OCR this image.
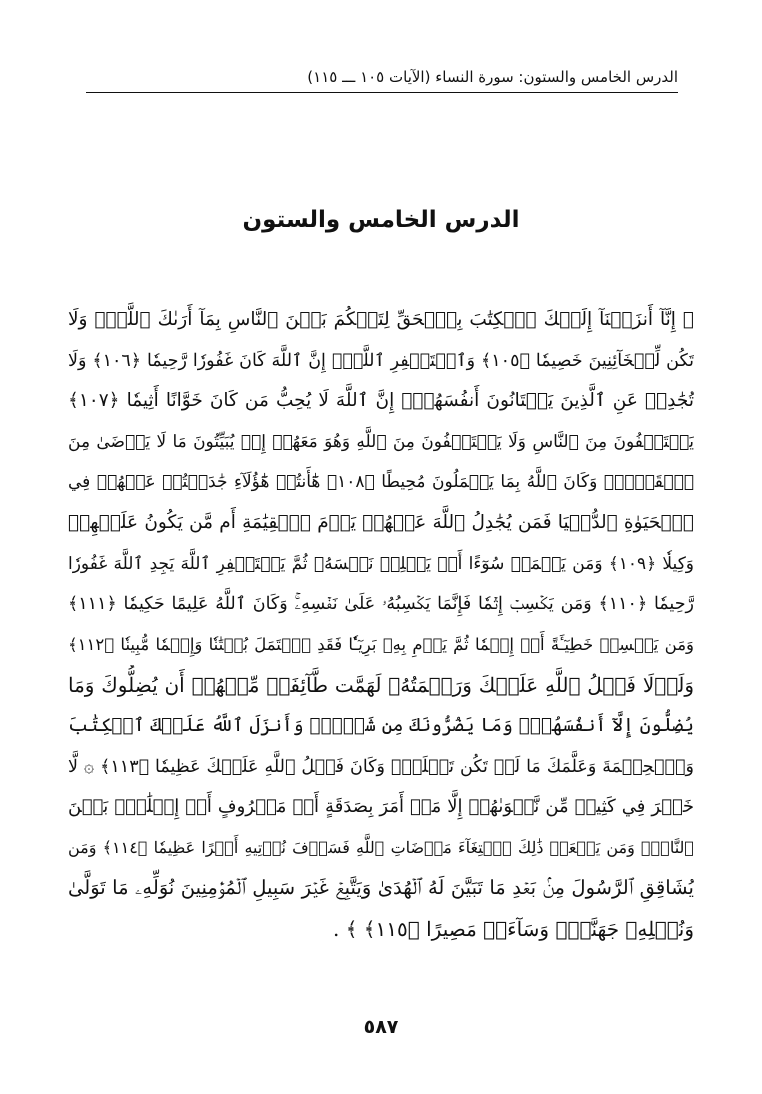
الدرس الخامس والستون: سورة النساء (الآيات ١٠٥ ـــ ١١٥)
الدرس الخامس والستون
﴿ إِنَّآ أَنزَلۡنَآ إِلَيۡكَ ٱلۡكِتَٰبَ بِٱلۡحَقِّ لِتَحۡكُمَ بَيۡنَ ٱلنَّاسِ بِمَآ أَرَىٰكَ ٱللَّهُۚ وَلَا
تَكُن لِّلۡخَآئِنِينَ خَصِيمٗا ﴿١٠٥﴾ وَٱسۡتَغۡفِرِ ٱللَّهَۖ إِنَّ ٱللَّهَ كَانَ غَفُورٗا رَّحِيمٗا ﴿١٠٦﴾ وَلَا
تُجَٰدِلۡ عَنِ ٱلَّذِينَ يَخۡتَانُونَ أَنفُسَهُمۡۚ إِنَّ ٱللَّهَ لَا يُحِبُّ مَن كَانَ خَوَّانًا أَثِيمٗا ﴿١٠٧﴾
يَسۡتَخۡفُونَ مِنَ ٱلنَّاسِ وَلَا يَسۡتَخۡفُونَ مِنَ ٱللَّهِ وَهُوَ مَعَهُمۡ إِذۡ يُبَيِّتُونَ مَا لَا يَرۡضَىٰ مِنَ
ٱلۡقَوۡلِۚ وَكَانَ ٱللَّهُ بِمَا يَعۡمَلُونَ مُحِيطًا ﴿١٠٨﴾ هَٰٓأَنتُمۡ هَٰٓؤُلَآءِ جَٰدَلۡتُمۡ عَنۡهُمۡ فِي
ٱلۡحَيَوٰةِ ٱلدُّنۡيَا فَمَن يُجَٰدِلُ ٱللَّهَ عَنۡهُمۡ يَوۡمَ ٱلۡقِيَٰمَةِ أَم مَّن يَكُونُ عَلَيۡهِمۡ
وَكِيلٗا ﴿١٠٩﴾ وَمَن يَعۡمَلۡ سُوٓءًا أَوۡ يَظۡلِمۡ نَفۡسَهُۥ ثُمَّ يَسۡتَغۡفِرِ ٱللَّهَ يَجِدِ ٱللَّهَ غَفُورٗا
رَّحِيمٗا ﴿١١٠﴾ وَمَن يَكۡسِبۡ إِثۡمٗا فَإِنَّمَا يَكۡسِبُهُۥ عَلَىٰ نَفۡسِهِۦۚ وَكَانَ ٱللَّهُ عَلِيمًا حَكِيمٗا ﴿١١١﴾
وَمَن يَكۡسِبۡ خَطِيٓـَٔةً أَوۡ إِثۡمٗا ثُمَّ يَرۡمِ بِهِۦ بَرِيٓـٔٗا فَقَدِ ٱحۡتَمَلَ بُهۡتَٰنٗا وَإِثۡمٗا مُّبِينٗا ﴿١١٢﴾
وَلَوۡلَا فَضۡلُ ٱللَّهِ عَلَيۡكَ وَرَحۡمَتُهُۥ لَهَمَّت طَّآئِفَةٞ مِّنۡهُمۡ أَن يُضِلُّوكَ وَمَا
يُضِلُّونَ إِلَّآ أَنفُسَهُمۡۖ وَمَا يَضُرُّونَكَ مِن شَيۡءٖۚ وَأَنزَلَ ٱللَّهُ عَلَيۡكَ ٱلۡكِتَٰبَ
وَٱلۡحِكۡمَةَ وَعَلَّمَكَ مَا لَمۡ تَكُن تَعۡلَمُۚ وَكَانَ فَضۡلُ ٱللَّهِ عَلَيۡكَ عَظِيمٗا ﴿١١٣﴾ ۞ لَّا
خَيۡرَ فِي كَثِيرٖ مِّن نَّجۡوَىٰهُمۡ إِلَّا مَنۡ أَمَرَ بِصَدَقَةٍ أَوۡ مَعۡرُوفٍ أَوۡ إِصۡلَٰحِۭ بَيۡنَ
ٱلنَّاسِۚ وَمَن يَفۡعَلۡ ذَٰلِكَ ٱبۡتِغَآءَ مَرۡضَاتِ ٱللَّهِ فَسَوۡفَ نُؤۡتِيهِ أَجۡرًا عَظِيمٗا ﴿١١٤﴾ وَمَن
يُشَاقِقِ ٱلرَّسُولَ مِنۢ بَعۡدِ مَا تَبَيَّنَ لَهُ ٱلۡهُدَىٰ وَيَتَّبِعۡ غَيۡرَ سَبِيلِ ٱلۡمُؤۡمِنِينَ نُوَلِّهِۦ مَا تَوَلَّىٰ
وَنُصۡلِهِۦ جَهَنَّمَۖ وَسَآءَتۡ مَصِيرًا ﴿١١٥﴾ ﴾ .
٥٨٧
